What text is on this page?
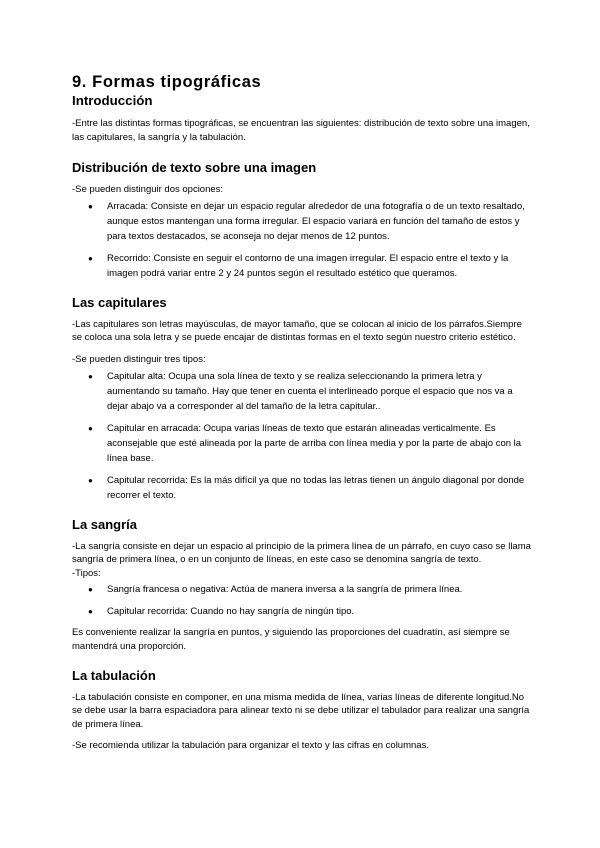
9. Formas tipográficas
Introducción

-Entre las distintas formas tipográficas, se encuentran las siguientes: distribución de texto sobre una imagen, las capitulares, la sangría y la tabulación.

Distribución de texto sobre una imagen

-Se pueden distinguir dos opciones:

● Arracada: Consiste en dejar un espacio regular alrededor de una fotografía o de un texto resaltado, aunque estos mantengan una forma irregular. El espacio variará en función del tamaño de estos y para textos destacados, se aconseja no dejar menos de 12 puntos.
● Recorrido: Consiste en seguir el contorno de una imagen irregular. El espacio entre el texto y la imagen podrá variar entre 2 y 24 puntos según el resultado estético que queramos.
Las capitulares

-Las capitulares son letras mayúsculas, de mayor tamaño, que se colocan al inicio de los párrafos.Siempre se coloca una sola letra y se puede encajar de distintas formas en el texto según nuestro criterio estético.

-Se pueden distinguir tres tipos:

● Capitular alta: Ocupa una sola línea de texto y se realiza seleccionando la primera letra y aumentando su tamaño. Hay que tener en cuenta el interlineado porque el espacio que nos va a dejar abajo va a corresponder al del tamaño de la letra capitular..
● Capitular en arracada: Ocupa varias líneas de texto que estarán alineadas verticalmente. Es aconsejable que esté alineada por la parte de arriba con línea media y por la parte de abajo con la línea base.
● Capitular recorrida: Es la más difícil ya que no todas las letras tienen un ángulo diagonal por donde recorrer el texto.
La sangría

-La sangría consiste en dejar un espacio al principio de la primera línea de un párrafo, en cuyo caso se llama sangría de primera línea, o en un conjunto de líneas, en este caso se denomina sangría de texto.

-Tipos:

● Sangría francesa o negativa: Actúa de manera inversa a la sangría de primera línea.
● Capitular recorrida: Cuando no hay sangría de ningún tipo.

Es conveniente realizar la sangría en puntos, y siguiendo las proporciones del cuadratín, así siempre se mantendrá una proporción.

La tabulación

-La tabulación consiste en componer, en una misma medida de línea, varias líneas de diferente longitud.No se debe usar la barra espaciadora para alinear texto ni se debe utilizar el tabulador para realizar una sangría de primera línea.

-Se recomienda utilizar la tabulación para organizar el texto y las cifras en columnas.
